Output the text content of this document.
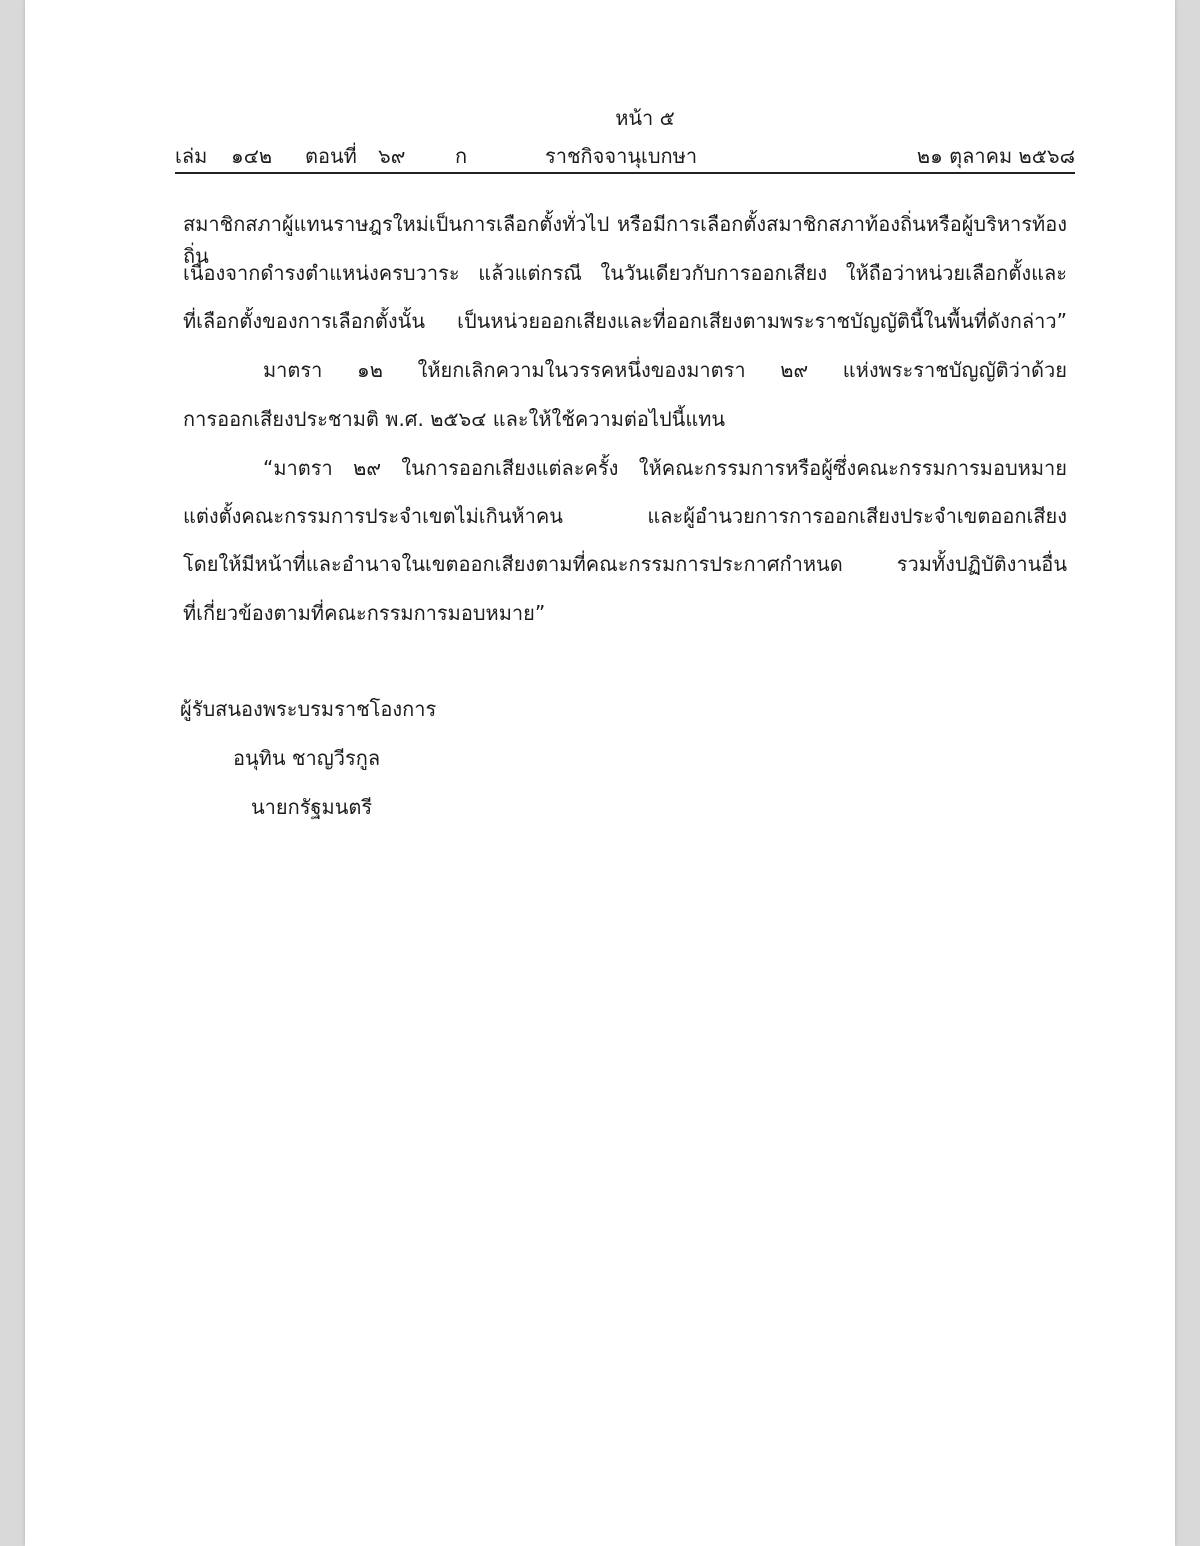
หน้า ๕
เล่ม ๑๔๒ ตอนที่ ๖๙ ก	ราชกิจจานุเบกษา	๒๑ ตุลาคม ๒๕๖๘
สมาชิกสภาผู้แทนราษฎรใหม่เป็นการเลือกตั้งทั่วไป หรือมีการเลือกตั้งสมาชิกสภาท้องถิ่นหรือผู้บริหารท้องถิ่น
เนื่องจากดำรงตำแหน่งครบวาระ แล้วแต่กรณี ในวันเดียวกับการออกเสียง ให้ถือว่าหน่วยเลือกตั้งและ
ที่เลือกตั้งของการเลือกตั้งนั้น เป็นหน่วยออกเสียงและที่ออกเสียงตามพระราชบัญญัตินี้ในพื้นที่ดังกล่าว”
มาตรา ๑๒ ให้ยกเลิกความในวรรคหนึ่งของมาตรา ๒๙ แห่งพระราชบัญญัติว่าด้วย
การออกเสียงประชามติ พ.ศ. ๒๕๖๔ และให้ใช้ความต่อไปนี้แทน
“มาตรา ๒๙ ในการออกเสียงแต่ละครั้ง ให้คณะกรรมการหรือผู้ซึ่งคณะกรรมการมอบหมาย
แต่งตั้งคณะกรรมการประจำเขตไม่เกินห้าคน และผู้อำนวยการการออกเสียงประจำเขตออกเสียง
โดยให้มีหน้าที่และอำนาจในเขตออกเสียงตามที่คณะกรรมการประกาศกำหนด รวมทั้งปฏิบัติงานอื่น
ที่เกี่ยวข้องตามที่คณะกรรมการมอบหมาย”
ผู้รับสนองพระบรมราชโองการ
อนุทิน ชาญวีรกูล
นายกรัฐมนตรี
